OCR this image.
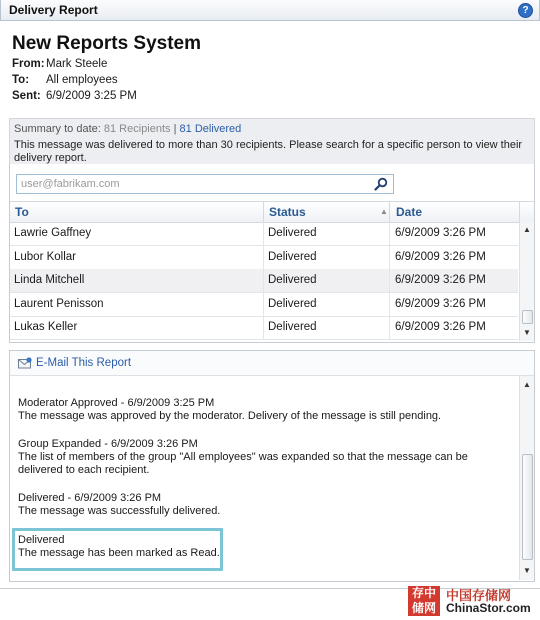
Delivery Report	?
New Reports System
From:Mark Steele
To: All employees
Sent: 6/9/2009 3:25 PM
Summary to date: 81 Recipients | 81 Delivered
This message was delivered to more than 30 recipients. Please search for a specific person to view their delivery report.
user@fabrikam.com
To	Status	▲ Date
Lawrie Gaffney	Delivered	6/9/2009 3:26 PM
Lubor Kollar	Delivered	6/9/2009 3:26 PM
Linda Mitchell	Delivered	6/9/2009 3:26 PM
Laurent Penisson	Delivered	6/9/2009 3:26 PM
Lukas Keller	Delivered	6/9/2009 3:26 PM
▲
▼
E-Mail This Report
Moderator Approved - 6/9/2009 3:25 PM
The message was approved by the moderator. Delivery of the message is still pending.
Group Expanded - 6/9/2009 3:26 PM
The list of members of the group "All employees" was expanded so that the message can be delivered to each recipient.
Delivered - 6/9/2009 3:26 PM
The message was successfully delivered.
Delivered
The message has been marked as Read.
▲
▼
存中
储网
中国存储网
ChinaStor.com
